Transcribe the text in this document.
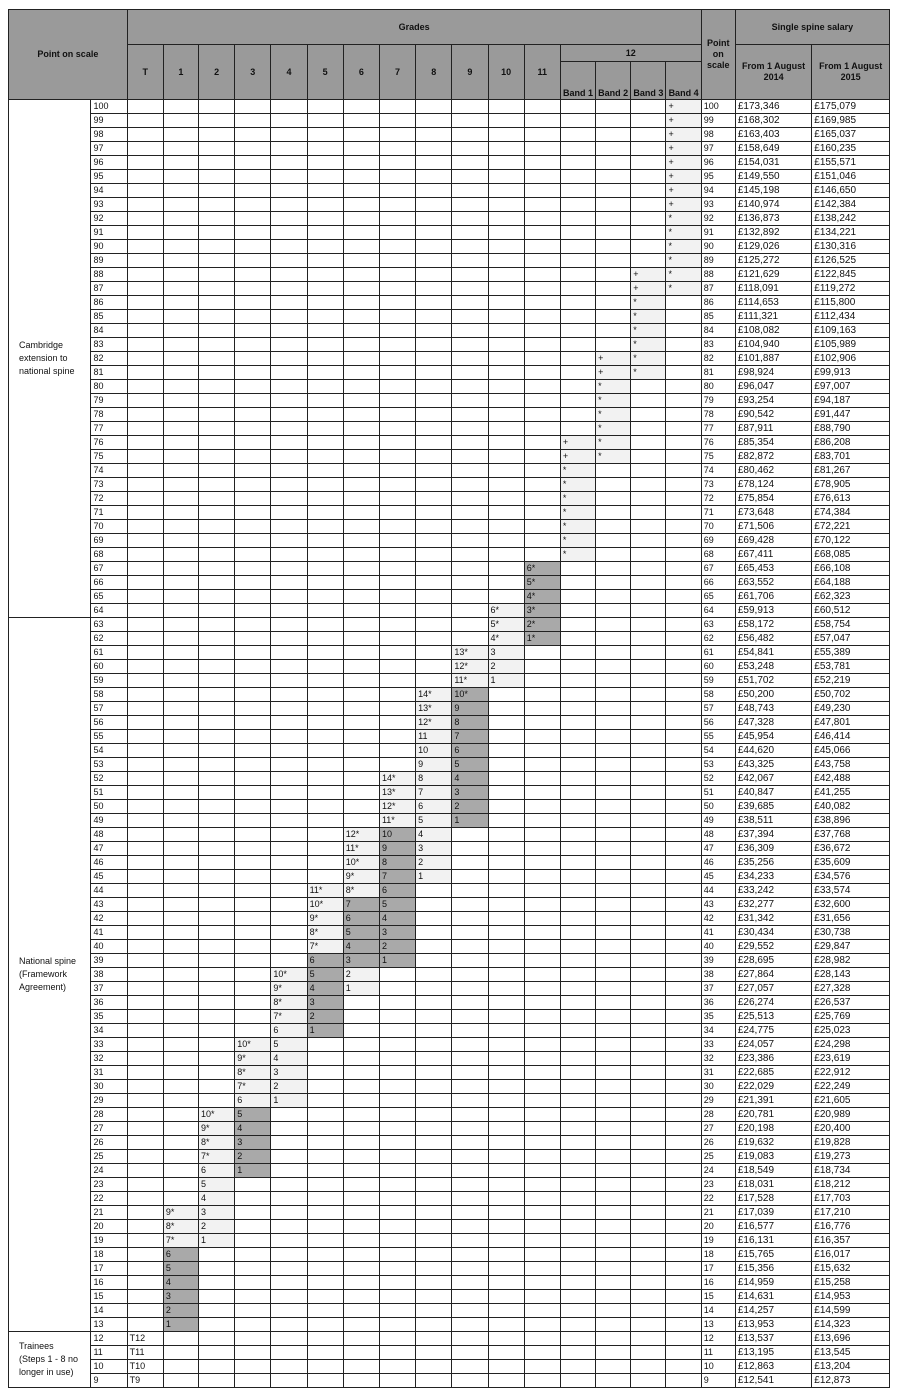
Point on scale		Grades																Point on scale	Single spine salary	
		T	1	2	3	4	5	6	7	8	9	10	11	12					From 1 August 2014	From 1 August 2015
														Band 1	Band 2	Band 3	Band 4			
Cambridge extension to national spine	100																+	100	£173,346	£175,079
	99																+	99	£168,302	£169,985
	98																+	98	£163,403	£165,037
	97																+	97	£158,649	£160,235
	96																+	96	£154,031	£155,571
	95																+	95	£149,550	£151,046
	94																+	94	£145,198	£146,650
	93																+	93	£140,974	£142,384
	92																*	92	£136,873	£138,242
	91																*	91	£132,892	£134,221
	90																*	90	£129,026	£130,316
	89																*	89	£125,272	£126,525
	88															+	*	88	£121,629	£122,845
	87															+	*	87	£118,091	£119,272
	86															*		86	£114,653	£115,800
	85															*		85	£111,321	£112,434
	84															*		84	£108,082	£109,163
	83															*		83	£104,940	£105,989
	82														+	*		82	£101,887	£102,906
	81														+	*		81	£98,924	£99,913
	80														*			80	£96,047	£97,007
	79														*			79	£93,254	£94,187
	78														*			78	£90,542	£91,447
	77														*			77	£87,911	£88,790
	76													+	*			76	£85,354	£86,208
	75													+	*			75	£82,872	£83,701
	74													*				74	£80,462	£81,267
	73													*				73	£78,124	£78,905
	72													*				72	£75,854	£76,613
	71													*				71	£73,648	£74,384
	70													*				70	£71,506	£72,221
	69													*				69	£69,428	£70,122
	68													*				68	£67,411	£68,085
	67												6*					67	£65,453	£66,108
	66												5*					66	£63,552	£64,188
	65												4*					65	£61,706	£62,323
	64											6*	3*					64	£59,913	£60,512
National spine (Framework Agreement)	63											5*	2*					63	£58,172	£58,754
	62											4*	1*					62	£56,482	£57,047
	61										13*	3						61	£54,841	£55,389
	60										12*	2						60	£53,248	£53,781
	59										11*	1						59	£51,702	£52,219
	58									14*	10*							58	£50,200	£50,702
	57									13*	9							57	£48,743	£49,230
	56									12*	8							56	£47,328	£47,801
	55									11	7							55	£45,954	£46,414
	54									10	6							54	£44,620	£45,066
	53									9	5							53	£43,325	£43,758
	52								14*	8	4							52	£42,067	£42,488
	51								13*	7	3							51	£40,847	£41,255
	50								12*	6	2							50	£39,685	£40,082
	49								11*	5	1							49	£38,511	£38,896
	48							12*	10	4								48	£37,394	£37,768
	47							11*	9	3								47	£36,309	£36,672
	46							10*	8	2								46	£35,256	£35,609
	45							9*	7	1								45	£34,233	£34,576
	44						11*	8*	6									44	£33,242	£33,574
	43						10*	7	5									43	£32,277	£32,600
	42						9*	6	4									42	£31,342	£31,656
	41						8*	5	3									41	£30,434	£30,738
	40						7*	4	2									40	£29,552	£29,847
	39						6	3	1									39	£28,695	£28,982
	38					10*	5	2										38	£27,864	£28,143
	37					9*	4	1										37	£27,057	£27,328
	36					8*	3											36	£26,274	£26,537
	35					7*	2											35	£25,513	£25,769
	34					6	1											34	£24,775	£25,023
	33				10*	5												33	£24,057	£24,298
	32				9*	4												32	£23,386	£23,619
	31				8*	3												31	£22,685	£22,912
	30				7*	2												30	£22,029	£22,249
	29				6	1												29	£21,391	£21,605
	28			10*	5													28	£20,781	£20,989
	27			9*	4													27	£20,198	£20,400
	26			8*	3													26	£19,632	£19,828
	25			7*	2													25	£19,083	£19,273
	24			6	1													24	£18,549	£18,734
	23			5														23	£18,031	£18,212
	22			4														22	£17,528	£17,703
	21		9*	3														21	£17,039	£17,210
	20		8*	2														20	£16,577	£16,776
	19		7*	1														19	£16,131	£16,357
	18		6															18	£15,765	£16,017
	17		5															17	£15,356	£15,632
	16		4															16	£14,959	£15,258
	15		3															15	£14,631	£14,953
	14		2															14	£14,257	£14,599
	13		1															13	£13,953	£14,323
Trainees (Steps 1 - 8 no longer in use)	12	T12																12	£13,537	£13,696
	11	T11																11	£13,195	£13,545
	10	T10																10	£12,863	£13,204
	9	T9																9	£12,541	£12,873
